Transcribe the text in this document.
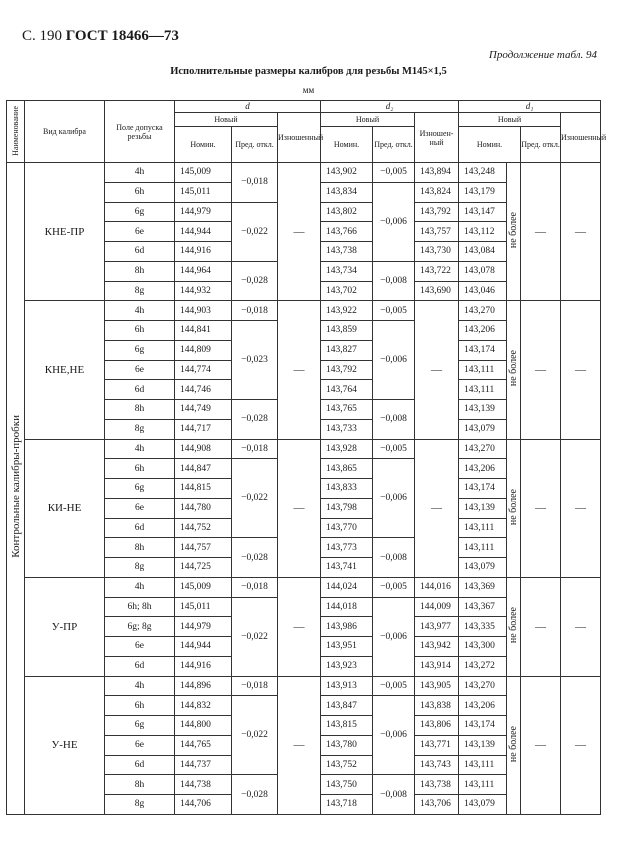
С. 190 ГОСТ 18466—73
Продолжение табл. 94
Исполнительные размеры калибров для резьбы М145×1,5
мм
Наименование	Вид калибра	Поле допуска резьбы	d			d₂			d₁			
			Новый		Изношенный	Новый		Изношен-ный	Новый			Изнoшенный
			Номин.	Пред. откл.		Номин.	Пред. откл.		Номин.		Пред. откл.	
Контрольные калибры-пробки	КНЕ-ПР	4h	145,009	−0,018	—	143,902	−0,005	143,894	143,248	не более	—	—
		6h	145,011			143,834	−0,006	143,824	143,179			
		6g	144,979	−0,022		143,802		143,792	143,147			
		6e	144,944			143,766		143,757	143,112			
		6d	144,916			143,738		143,730	143,084			
		8h	144,964	−0,028		143,734	−0,008	143,722	143,078			
		8g	144,932			143,702		143,690	143,046			
	КНЕ,НЕ	4h	144,903	−0,018	—	143,922	−0,005	—	143,270	не более	—	—
		6h	144,841	−0,023		143,859	−0,006		143,206			
		6g	144,809			143,827			143,174			
		6e	144,774			143,792			143,111			
		6d	144,746			143,764			143,111			
		8h	144,749	−0,028		143,765	−0,008		143,139			
		8g	144,717			143,733			143,079			
	КИ-НЕ	4h	144,908	−0,018	—	143,928	−0,005	—	143,270	не более	—	—
		6h	144,847	−0,022		143,865	−0,006		143,206			
		6g	144,815			143,833			143,174			
		6e	144,780			143,798			143,139			
		6d	144,752			143,770			143,111			
		8h	144,757	−0,028		143,773	−0,008		143,111			
		8g	144,725			143,741			143,079			
	У-ПР	4h	145,009	−0,018	—	144,024	−0,005	144,016	143,369	не более	—	—
		6h; 8h	145,011	−0,022		144,018	−0,006	144,009	143,367			
		6g; 8g	144,979			143,986		143,977	143,335			
		6e	144,944			143,951		143,942	143,300			
		6d	144,916			143,923		143,914	143,272			
	У-НЕ	4h	144,896	−0,018	—	143,913	−0,005	143,905	143,270	не более	—	—
		6h	144,832	−0,022		143,847	−0,006	143,838	143,206			
		6g	144,800			143,815		143,806	143,174			
		6e	144,765			143,780		143,771	143,139			
		6d	144,737			143,752		143,743	143,111			
		8h	144,738	−0,028		143,750	−0,008	143,738	143,111			
		8g	144,706			143,718		143,706	143,079			
